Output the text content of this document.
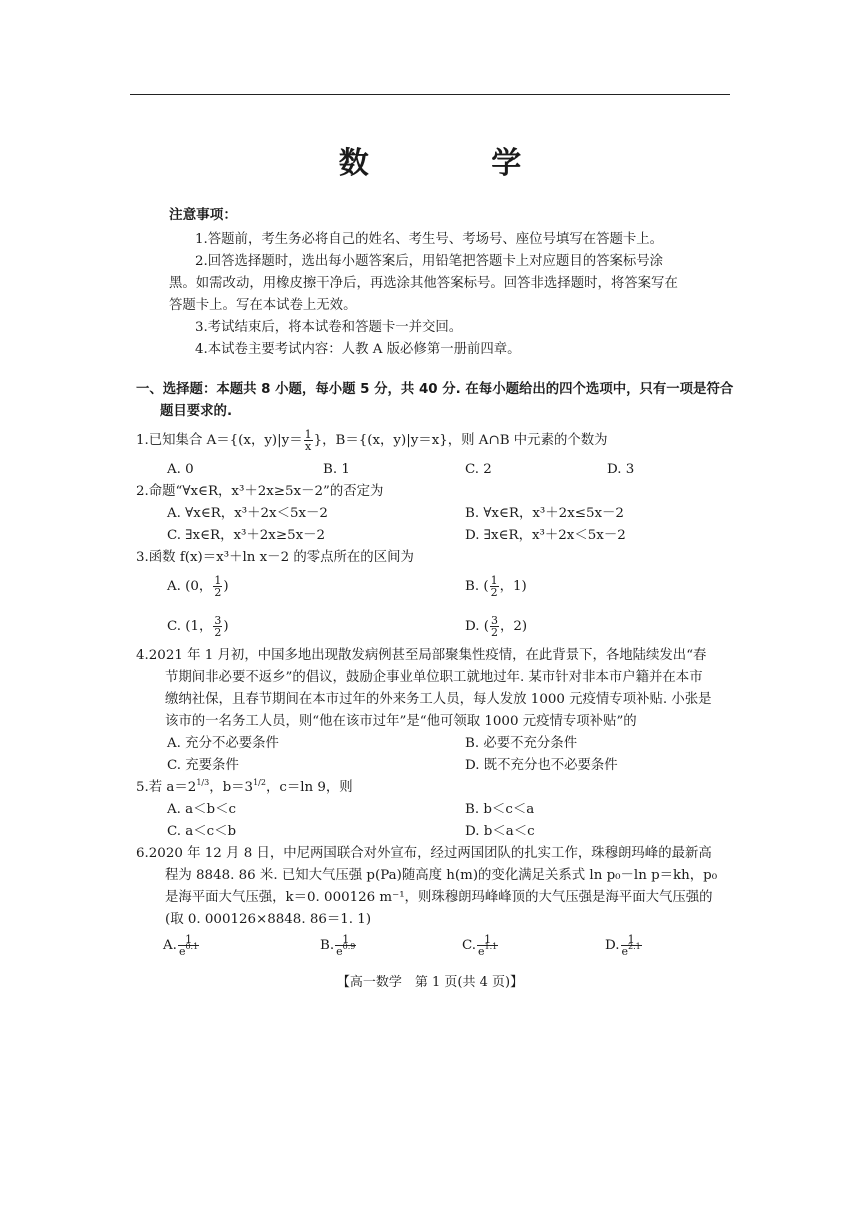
数 学
注意事项：
1.答题前，考生务必将自己的姓名、考生号、考场号、座位号填写在答题卡上。
2.回答选择题时，选出每小题答案后，用铅笔把答题卡上对应题目的答案标号涂
黑。如需改动，用橡皮擦干净后，再选涂其他答案标号。回答非选择题时，将答案写在
答题卡上。写在本试卷上无效。
3.考试结束后，将本试卷和答题卡一并交回。
4.本试卷主要考试内容：人教 A 版必修第一册前四章。
一、选择题：本题共 8 小题，每小题 5 分，共 40 分. 在每小题给出的四个选项中，只有一项是符合
题目要求的.
1.已知集合 A＝{(x，$y)|y= \frac{1}{x}$ }，B＝{(x，y)|y＝x}，则 A∩B 中元素的个数为
A. 0	B. 1	C. 2	D. 3
2.命题“∀x∈R，x³＋2x≥5x－2”的否定为
A. ∀x∈R，x³＋2x＜5x－2	B. ∀x∈R，x³＋2x≤5x－2
C. ∃x∈R，x³＋2x≥5x－2	D. ∃x∈R，x³＋2x＜5x－2
3.函数 f(x)＝x³＋ln x－2 的零点所在的区间为
A. (0， $\frac{1}{2}$ )	B. ( $\frac{1}{2}$ ，1)
C. (1， $\frac{3}{2}$ )	D. ( $\frac{3}{2}$ ，2)
4.2021 年 1 月初，中国多地出现散发病例甚至局部聚集性疫情，在此背景下，各地陆续发出“春
节期间非必要不返乡”的倡议，鼓励企事业单位职工就地过年. 某市针对非本市户籍并在本市
缴纳社保，且春节期间在本市过年的外来务工人员，每人发放 1000 元疫情专项补贴. 小张是
该市的一名务工人员，则“他在该市过年”是“他可领取 1000 元疫情专项补贴”的
A. 充分不必要条件	B. 必要不充分条件
C. 充要条件	D. 既不充分也不必要条件
5.若 $a=2^{1/3}$，$b=3^{1/2}$，c＝ln 9，则
A. a＜b＜c	B. b＜c＜a
C. a＜c＜b	D. b＜a＜c
6.2020 年 12 月 8 日，中尼两国联合对外宣布，经过两国团队的扎实工作，珠穆朗玛峰的最新高
程为 8848. 86 米. 已知大气压强 p(Pa)随高度 h(m)的变化满足关系式 ln p₀－ln p＝kh，p₀
是海平面大气压强，k＝0. 000126 m⁻¹，则珠穆朗玛峰峰顶的大气压强是海平面大气压强的
(取 0. 000126×8848. 86＝1. 1)
A. $\frac{1}{e^{0.1}}$	B. $\frac{1}{e^{0.9}}$	C. $\frac{1}{e^{1.1}}$	D. $\frac{1}{e^{2.1}}$
【高一数学　第 1 页(共 4 页)】
